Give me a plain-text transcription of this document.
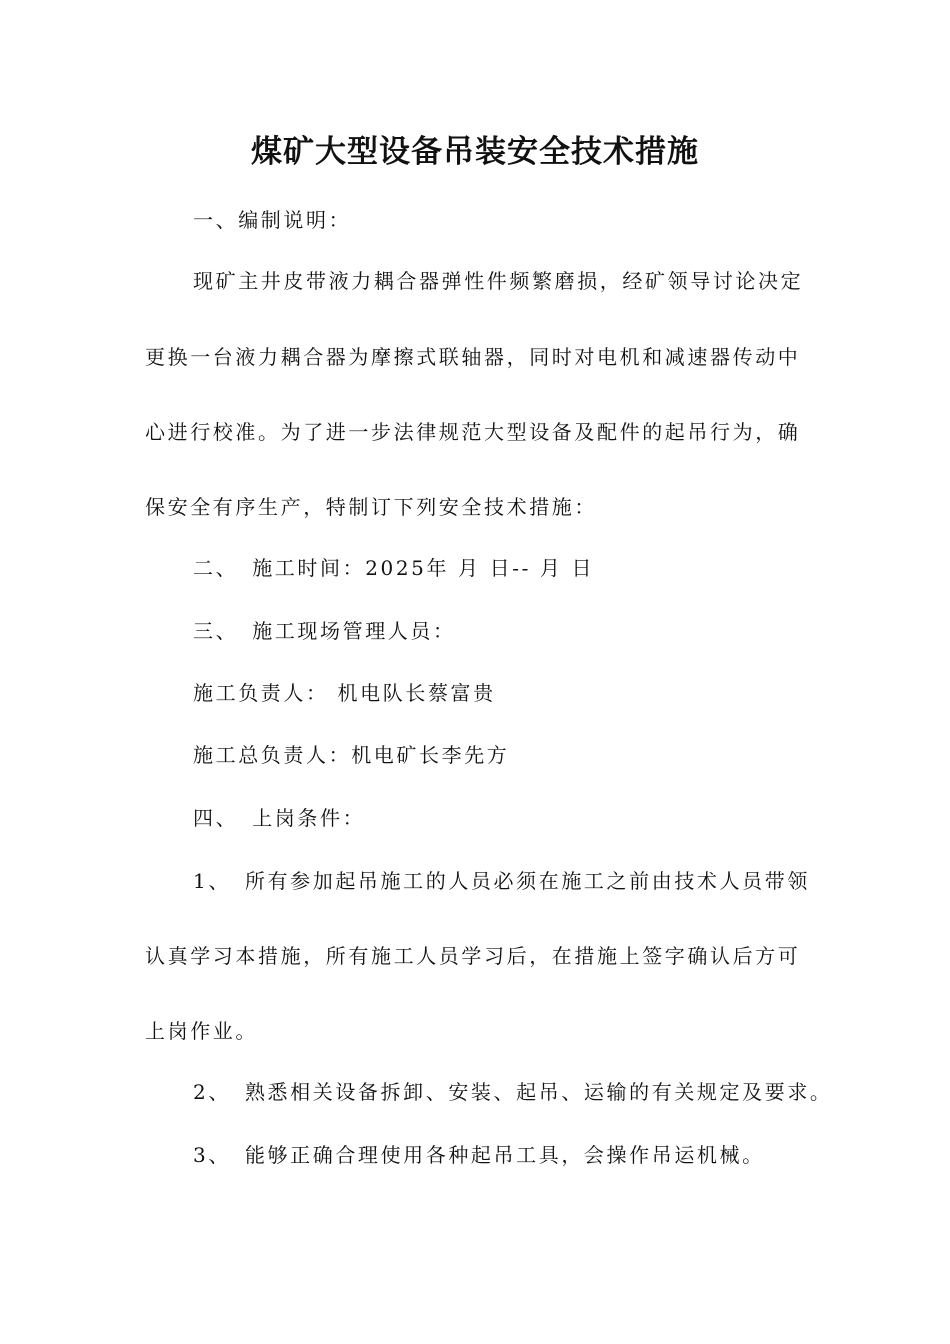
煤矿大型设备吊装安全技术措施
一、编制说明：
现矿主井皮带液力耦合器弹性件频繁磨损，经矿领导讨论决定
更换一台液力耦合器为摩擦式联轴器，同时对电机和减速器传动中
心进行校准。为了进一步法律规范大型设备及配件的起吊行为，确
保安全有序生产，特制订下列安全技术措施：
二、 施工时间：2025年 月 日-- 月 日
三、 施工现场管理人员：
施工负责人： 机电队长蔡富贵
施工总负责人：机电矿长李先方
四、 上岗条件：
1、 所有参加起吊施工的人员必须在施工之前由技术人员带领
认真学习本措施，所有施工人员学习后，在措施上签字确认后方可
上岗作业。
2、 熟悉相关设备拆卸、安装、起吊、运输的有关规定及要求。
3、 能够正确合理使用各种起吊工具，会操作吊运机械。
